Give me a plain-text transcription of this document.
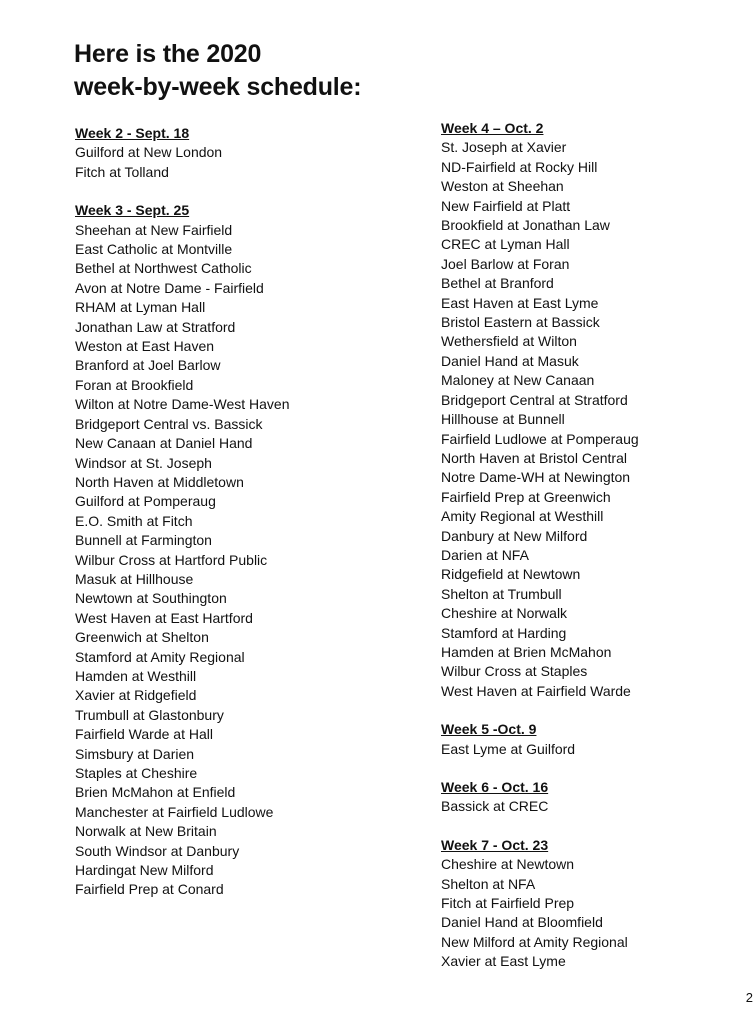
Here is the 2020
week-by-week schedule:
Week 2 - Sept. 18
Guilford at New London
Fitch at Tolland
Week 3 - Sept. 25
Sheehan at New Fairfield
East Catholic at Montville
Bethel at Northwest Catholic
Avon at Notre Dame - Fairfield
RHAM at Lyman Hall
Jonathan Law at Stratford
Weston at East Haven
Branford at Joel Barlow
Foran at Brookfield
Wilton at Notre Dame-West Haven
Bridgeport Central vs. Bassick
New Canaan at Daniel Hand
Windsor at St. Joseph
North Haven at Middletown
Guilford at Pomperaug
E.O. Smith at Fitch
Bunnell at Farmington
Wilbur Cross at Hartford Public
Masuk at Hillhouse
Newtown at Southington
West Haven at East Hartford
Greenwich at Shelton
Stamford at Amity Regional
Hamden at Westhill
Xavier at Ridgefield
Trumbull at Glastonbury
Fairfield Warde at Hall
Simsbury at Darien
Staples at Cheshire
Brien McMahon at Enfield
Manchester at Fairfield Ludlowe
Norwalk at New Britain
South Windsor at Danbury
Hardingat New Milford
Fairfield Prep at Conard
Week 4 – Oct. 2
St. Joseph at Xavier
ND-Fairfield at Rocky Hill
Weston at Sheehan
New Fairfield at Platt
Brookfield at Jonathan Law
CREC at Lyman Hall
Joel Barlow at Foran
Bethel at Branford
East Haven at East Lyme
Bristol Eastern at Bassick
Wethersfield at Wilton
Daniel Hand at Masuk
Maloney at New Canaan
Bridgeport Central at Stratford
Hillhouse at Bunnell
Fairfield Ludlowe at Pomperaug
North Haven at Bristol Central
Notre Dame-WH at Newington
Fairfield Prep at Greenwich
Amity Regional at Westhill
Danbury at New Milford
Darien at NFA
Ridgefield at Newtown
Shelton at Trumbull
Cheshire at Norwalk
Stamford at Harding
Hamden at Brien McMahon
Wilbur Cross at Staples
West Haven at Fairfield Warde
Week 5 -Oct. 9
East Lyme at Guilford
Week 6 - Oct. 16
Bassick at CREC
Week 7 - Oct. 23
Cheshire at Newtown
Shelton at NFA
Fitch at Fairfield Prep
Daniel Hand at Bloomfield
New Milford at Amity Regional
Xavier at East Lyme
2
